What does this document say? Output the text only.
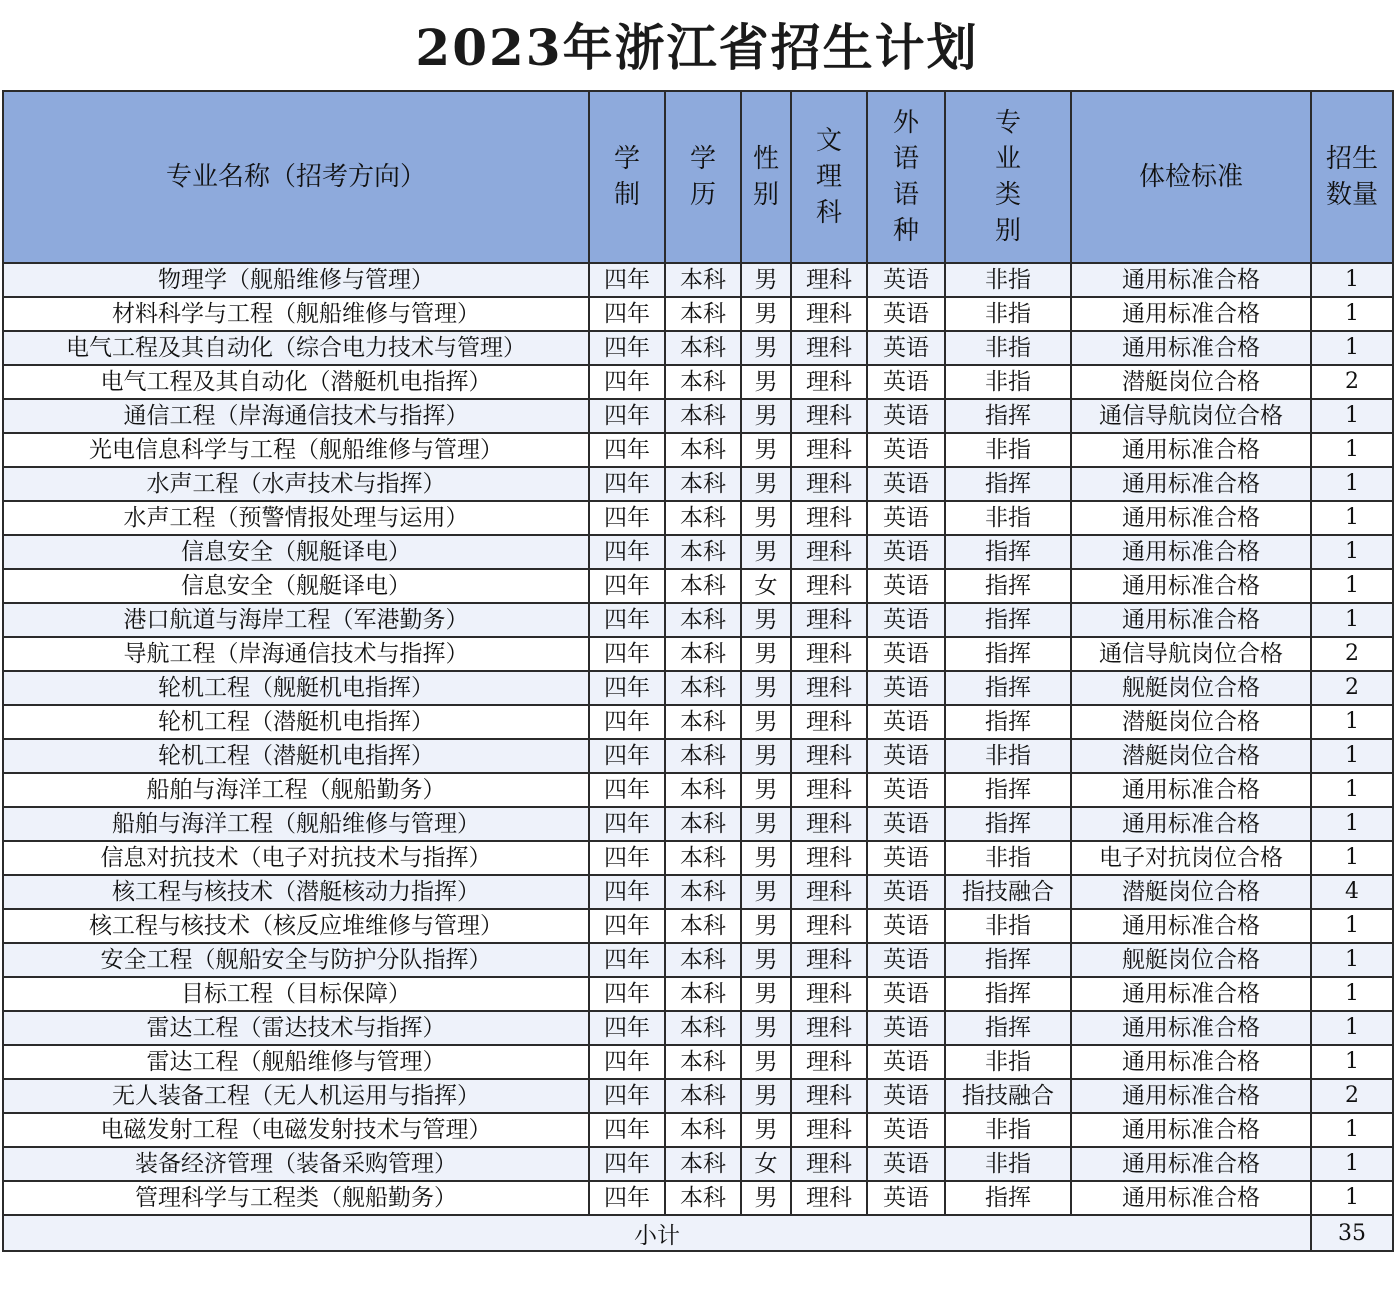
2023年浙江省招生计划
专业名称（招考方向）	学制	学历	性别	文理科	外语语种	专业类别	体检标准	招生数量
物理学（舰船维修与管理）	四年	本科	男	理科	英语	非指	通用标准合格	1
材料科学与工程（舰船维修与管理）	四年	本科	男	理科	英语	非指	通用标准合格	1
电气工程及其自动化（综合电力技术与管理）	四年	本科	男	理科	英语	非指	通用标准合格	1
电气工程及其自动化（潜艇机电指挥）	四年	本科	男	理科	英语	非指	潜艇岗位合格	2
通信工程（岸海通信技术与指挥）	四年	本科	男	理科	英语	指挥	通信导航岗位合格	1
光电信息科学与工程（舰船维修与管理）	四年	本科	男	理科	英语	非指	通用标准合格	1
水声工程（水声技术与指挥）	四年	本科	男	理科	英语	指挥	通用标准合格	1
水声工程（预警情报处理与运用）	四年	本科	男	理科	英语	非指	通用标准合格	1
信息安全（舰艇译电）	四年	本科	男	理科	英语	指挥	通用标准合格	1
信息安全（舰艇译电）	四年	本科	女	理科	英语	指挥	通用标准合格	1
港口航道与海岸工程（军港勤务）	四年	本科	男	理科	英语	指挥	通用标准合格	1
导航工程（岸海通信技术与指挥）	四年	本科	男	理科	英语	指挥	通信导航岗位合格	2
轮机工程（舰艇机电指挥）	四年	本科	男	理科	英语	指挥	舰艇岗位合格	2
轮机工程（潜艇机电指挥）	四年	本科	男	理科	英语	指挥	潜艇岗位合格	1
轮机工程（潜艇机电指挥）	四年	本科	男	理科	英语	非指	潜艇岗位合格	1
船舶与海洋工程（舰船勤务）	四年	本科	男	理科	英语	指挥	通用标准合格	1
船舶与海洋工程（舰船维修与管理）	四年	本科	男	理科	英语	指挥	通用标准合格	1
信息对抗技术（电子对抗技术与指挥）	四年	本科	男	理科	英语	非指	电子对抗岗位合格	1
核工程与核技术（潜艇核动力指挥）	四年	本科	男	理科	英语	指技融合	潜艇岗位合格	4
核工程与核技术（核反应堆维修与管理）	四年	本科	男	理科	英语	非指	通用标准合格	1
安全工程（舰船安全与防护分队指挥）	四年	本科	男	理科	英语	指挥	舰艇岗位合格	1
目标工程（目标保障）	四年	本科	男	理科	英语	指挥	通用标准合格	1
雷达工程（雷达技术与指挥）	四年	本科	男	理科	英语	指挥	通用标准合格	1
雷达工程（舰船维修与管理）	四年	本科	男	理科	英语	非指	通用标准合格	1
无人装备工程（无人机运用与指挥）	四年	本科	男	理科	英语	指技融合	通用标准合格	2
电磁发射工程（电磁发射技术与管理）	四年	本科	男	理科	英语	非指	通用标准合格	1
装备经济管理（装备采购管理）	四年	本科	女	理科	英语	非指	通用标准合格	1
管理科学与工程类（舰船勤务）	四年	本科	男	理科	英语	指挥	通用标准合格	1
小计								35
